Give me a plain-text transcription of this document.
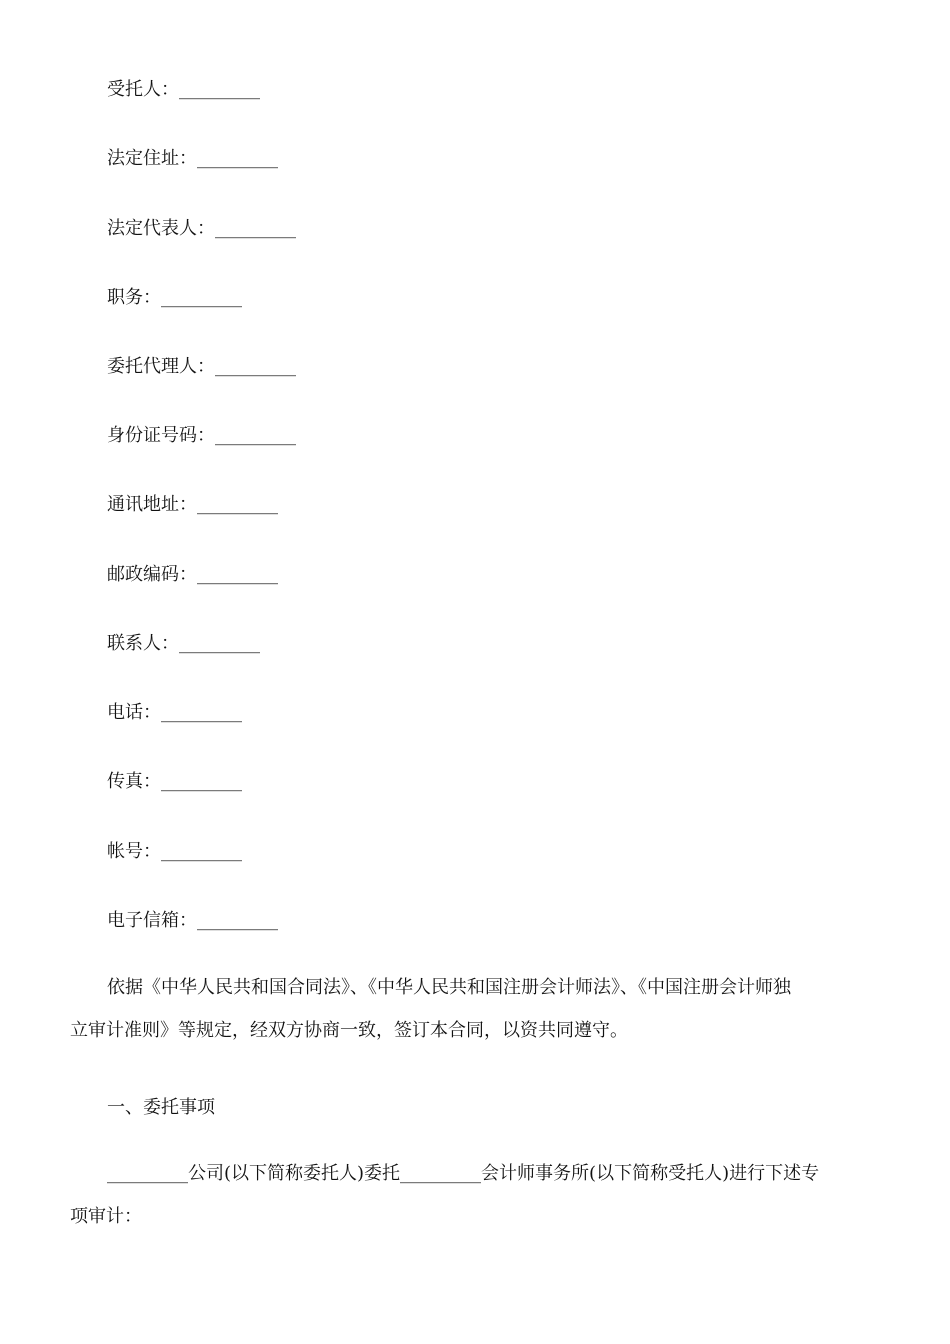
受托人：_________
法定住址：_________
法定代表人：_________
职务：_________
委托代理人：_________
身份证号码：_________
通讯地址：_________
邮政编码：_________
联系人：_________
电话：_________
传真：_________
帐号：_________
电子信箱：_________
依据《中华人民共和国合同法》、《中华人民共和国注册会计师法》、《中国注册会计师独
立审计准则》等规定，经双方协商一致，签订本合同，以资共同遵守。
一、委托事项
_________公司(以下简称委托人)委托_________会计师事务所(以下简称受托人)进行下述专
项审计：
